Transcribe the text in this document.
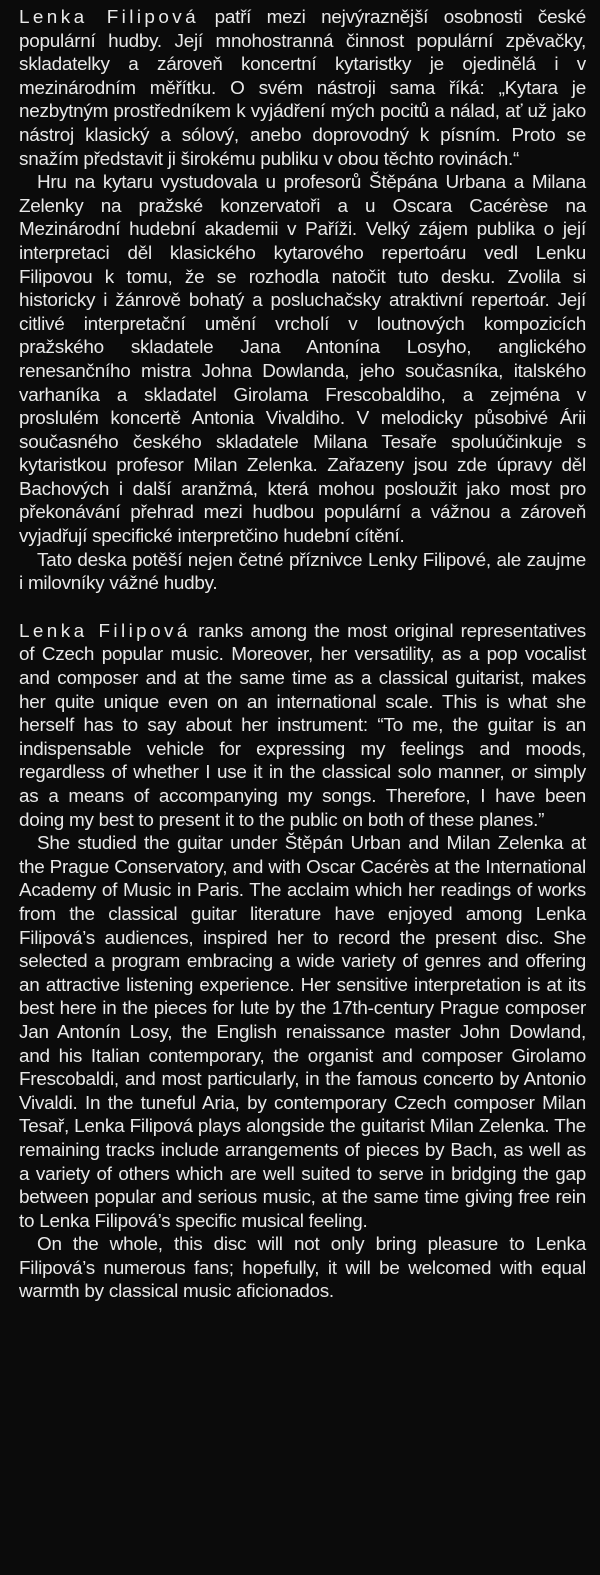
Lenka Filipová patří mezi nejvýraznější osobnosti české populární hudby. Její mnohostranná činnost populární zpěvačky, skladatelky a zároveň koncertní kytaristky je ojedinělá i v mezinárodním měřítku. O svém nástroji sama říká: „Kytara je nezbytným prostředníkem k vyjádření mých pocitů a nálad, ať už jako nástroj klasický a sólový, anebo doprovodný k písním. Proto se snažím představit ji širokému publiku v obou těchto rovinách.“

Hru na kytaru vystudovala u profesorů Štěpána Urbana a Milana Zelenky na pražské konzervatoři a u Oscara Cacérèse na Mezinárodní hudební akademii v Paříži. Velký zájem publika o její interpretaci děl klasického kytarového repertoáru vedl Lenku Filipovou k tomu, že se rozhodla natočit tuto desku. Zvolila si historicky i žánrově bohatý a posluchačsky atraktivní repertoár. Její citlivé interpretační umění vrcholí v loutnových kompozicích pražského skladatele Jana Antonína Losyho, anglického renesančního mistra Johna Dowlanda, jeho současníka, italského varhaníka a skladatel Girolama Frescobaldiho, a zejména v proslulém koncertě Antonia Vivaldiho. V melodicky působivé Árii současného českého skladatele Milana Tesaře spoluúčinkuje s kytaristkou profesor Milan Zelenka. Zařazeny jsou zde úpravy děl Bachových i další aranžmá, která mohou posloužit jako most pro překonávání přehrad mezi hudbou populární a vážnou a zároveň vyjadřují specifické interpretčino hudební cítění.

Tato deska potěší nejen četné příznivce Lenky Filipové, ale zaujme i milovníky vážné hudby.

Lenka Filipová ranks among the most original representatives of Czech popular music. Moreover, her versatility, as a pop vocalist and composer and at the same time as a classical guitarist, makes her quite unique even on an international scale. This is what she herself has to say about her instrument: “To me, the guitar is an indispensable vehicle for expressing my feelings and moods, regardless of whether I use it in the classical solo manner, or simply as a means of accompanying my songs. Therefore, I have been doing my best to present it to the public on both of these planes.”

She studied the guitar under Štěpán Urban and Milan Zelenka at the Prague Conservatory, and with Oscar Cacérès at the International Academy of Music in Paris. The acclaim which her readings of works from the classical guitar literature have enjoyed among Lenka Filipová’s audiences, inspired her to record the present disc. She selected a program embracing a wide variety of genres and offering an attractive listening experience. Her sensitive interpretation is at its best here in the pieces for lute by the 17th-century Prague composer Jan Antonín Losy, the English renaissance master John Dowland, and his Italian contemporary, the organist and composer Girolamo Frescobaldi, and most particularly, in the famous concerto by Antonio Vivaldi. In the tuneful Aria, by contemporary Czech composer Milan Tesař, Lenka Filipová plays alongside the guitarist Milan Zelenka. The remaining tracks include arrangements of pieces by Bach, as well as a variety of others which are well suited to serve in bridging the gap between popular and serious music, at the same time giving free rein to Lenka Filipová’s specific musical feeling.

On the whole, this disc will not only bring pleasure to Lenka Filipová’s numerous fans; hopefully, it will be welcomed with equal warmth by classical music aficionados.
